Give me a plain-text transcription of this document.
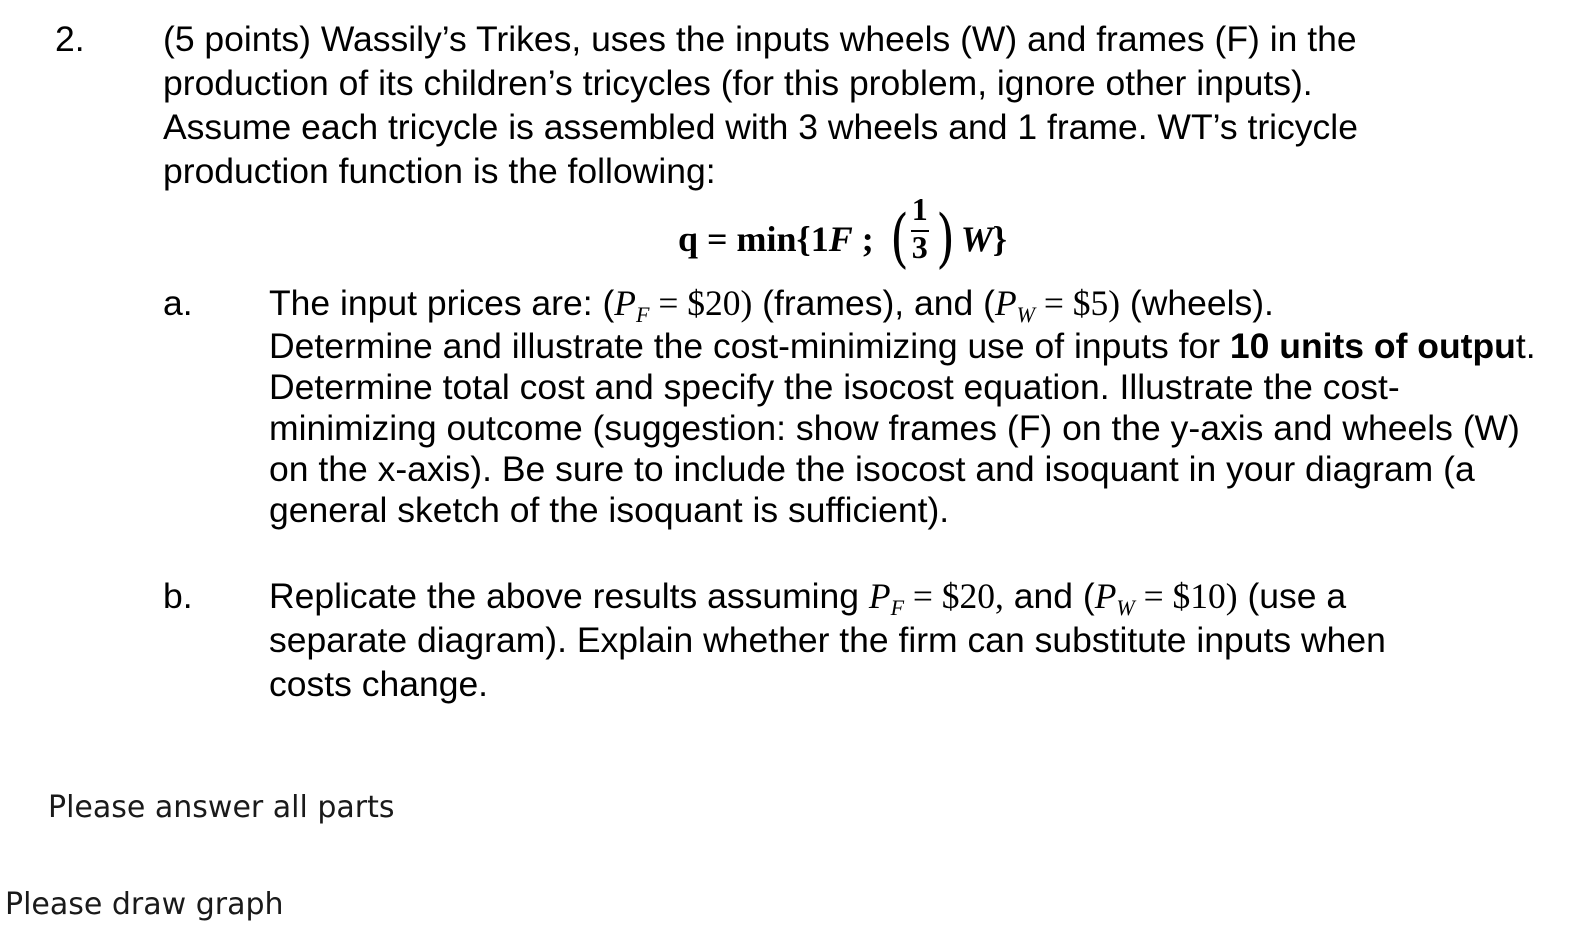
2. (5 points) Wassily’s Trikes, uses the inputs wheels (W) and frames (F) in the
production of its children’s tricycles (for this problem, ignore other inputs).
Assume each tricycle is assembled with 3 wheels and 1 frame. WT’s tricycle
production function is the following:
q = min{1F ; ( 1
3 ) W}
a. The input prices are: (PF = $20) (frames), and (PW = $5) (wheels).
Determine and illustrate the cost-minimizing use of inputs for 10 units of output.
Determine total cost and specify the isocost equation. Illustrate the cost-
minimizing outcome (suggestion: show frames (F) on the y-axis and wheels (W)
on the x-axis). Be sure to include the isocost and isoquant in your diagram (a
general sketch of the isoquant is sufficient).
b. Replicate the above results assuming PF = $20, and (PW = $10) (use a
separate diagram). Explain whether the firm can substitute inputs when
costs change.
Please answer all parts
Please draw graph
